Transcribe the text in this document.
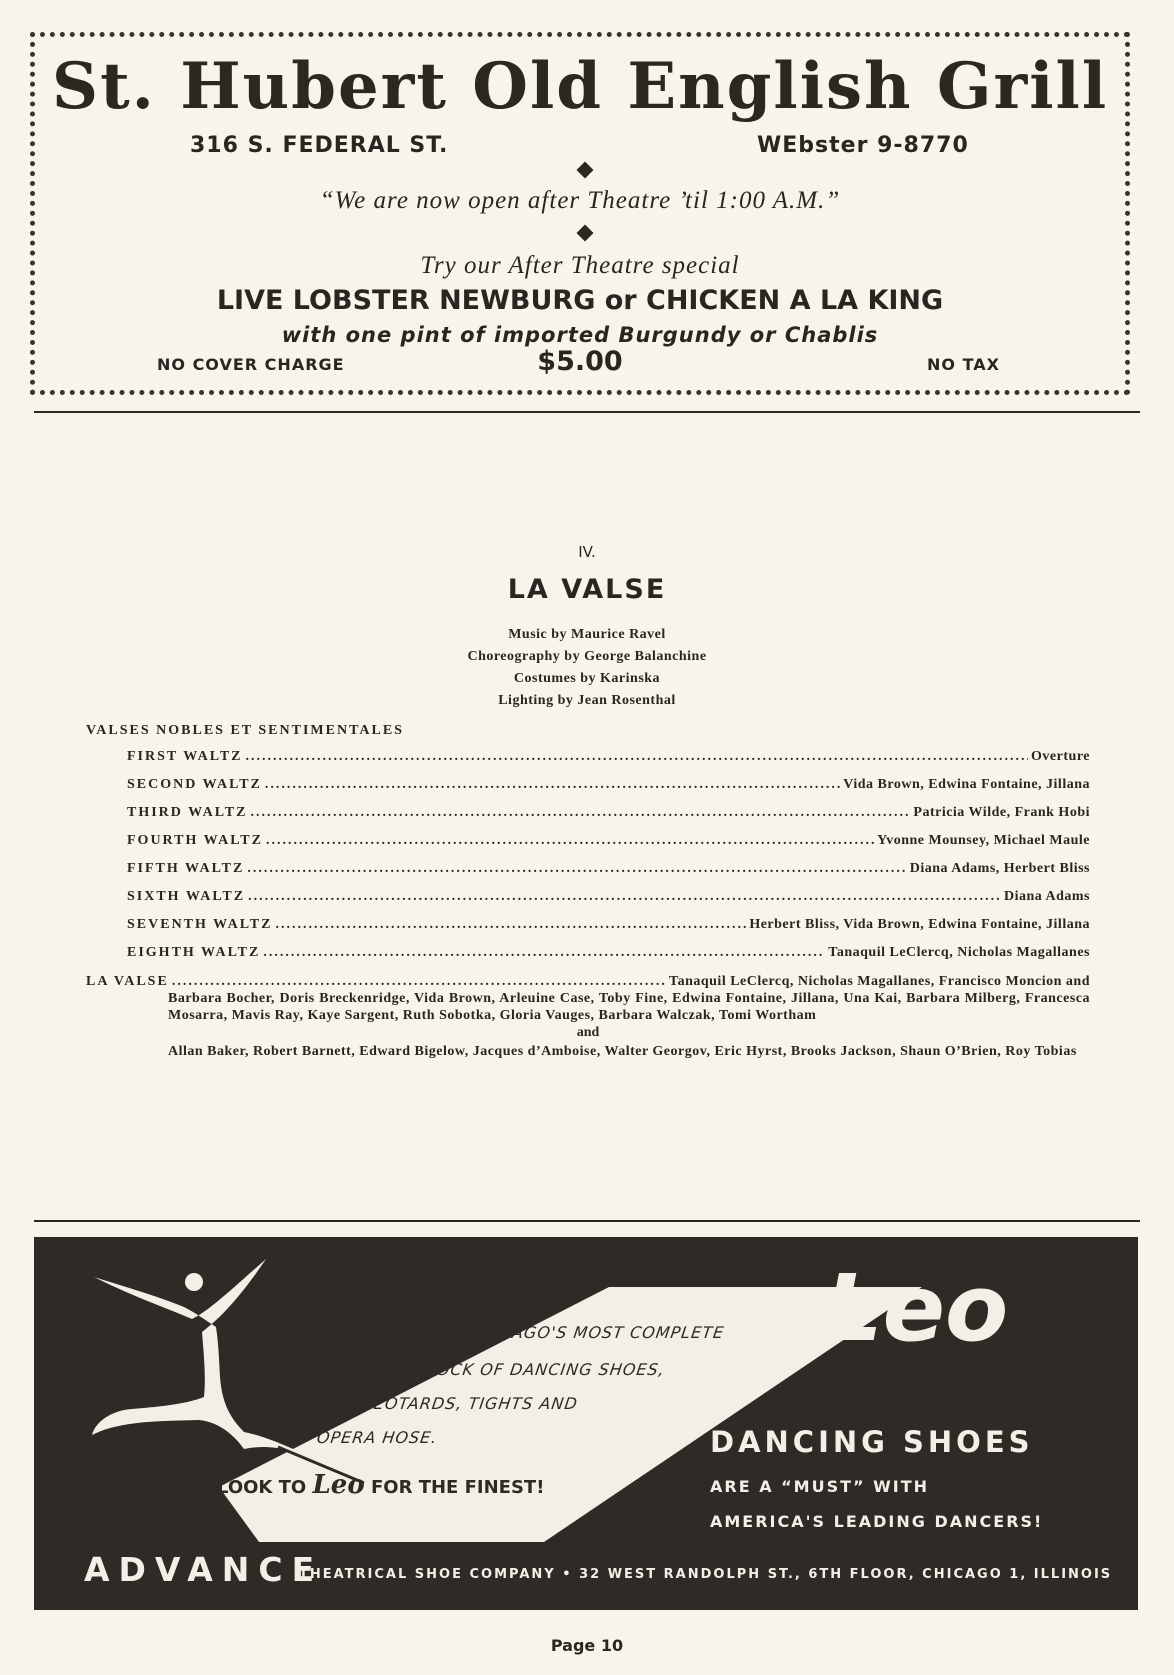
St. Hubert Old English Grill
316 S. FEDERAL ST.	WEbster 9-8770
“We are now open after Theatre ’til 1:00 A.M.”
Try our After Theatre special
LIVE LOBSTER NEWBURG or CHICKEN A LA KING
with one pint of imported Burgundy or Chablis
NO COVER CHARGE	$5.00	NO TAX
IV.
LA VALSE
Music by Maurice Ravel
Choreography by George Balanchine
Costumes by Karinska
Lighting by Jean Rosenthal
VALSES NOBLES ET SENTIMENTALES
FIRST WALTZ .....	Overture
SECOND WALTZ .....	Vida Brown, Edwina Fontaine, Jillana
THIRD WALTZ .....	Patricia Wilde, Frank Hobi
FOURTH WALTZ .....	Yvonne Mounsey, Michael Maule
FIFTH WALTZ .....	Diana Adams, Herbert Bliss
SIXTH WALTZ .....	Diana Adams
SEVENTH WALTZ .....	Herbert Bliss, Vida Brown, Edwina Fontaine, Jillana
EIGHTH WALTZ .....	Tanaquil LeClercq, Nicholas Magallanes
LA VALSE .....	Tanaquil LeClercq, Nicholas Magallanes, Francisco Moncion and
Barbara Bocher, Doris Breckenridge, Vida Brown, Arleuine Case, Toby Fine, Edwina Fontaine, Jillana, Una Kai, Barbara Milberg, Francesca Mosarra, Mavis Ray, Kaye Sargent, Ruth Sobotka, Gloria Vauges, Barbara Walczak, Tomi Wortham
and
Allan Baker, Robert Barnett, Edward Bigelow, Jacques d’Amboise, Walter Georgov, Eric Hyrst, Brooks Jackson, Shaun O’Brien, Roy Tobias
CHICAGO'S MOST COMPLETE
STOCK OF DANCING SHOES,
LEOTARDS, TIGHTS AND
OPERA HOSE.
LOOK TO Leo FOR THE FINEST!
Leo
DANCING SHOES
ARE A “MUST” WITH
AMERICA'S LEADING DANCERS!
ADVANCE
THEATRICAL SHOE COMPANY • 32 WEST RANDOLPH ST., 6TH FLOOR, CHICAGO 1, ILLINOIS
Page 10
